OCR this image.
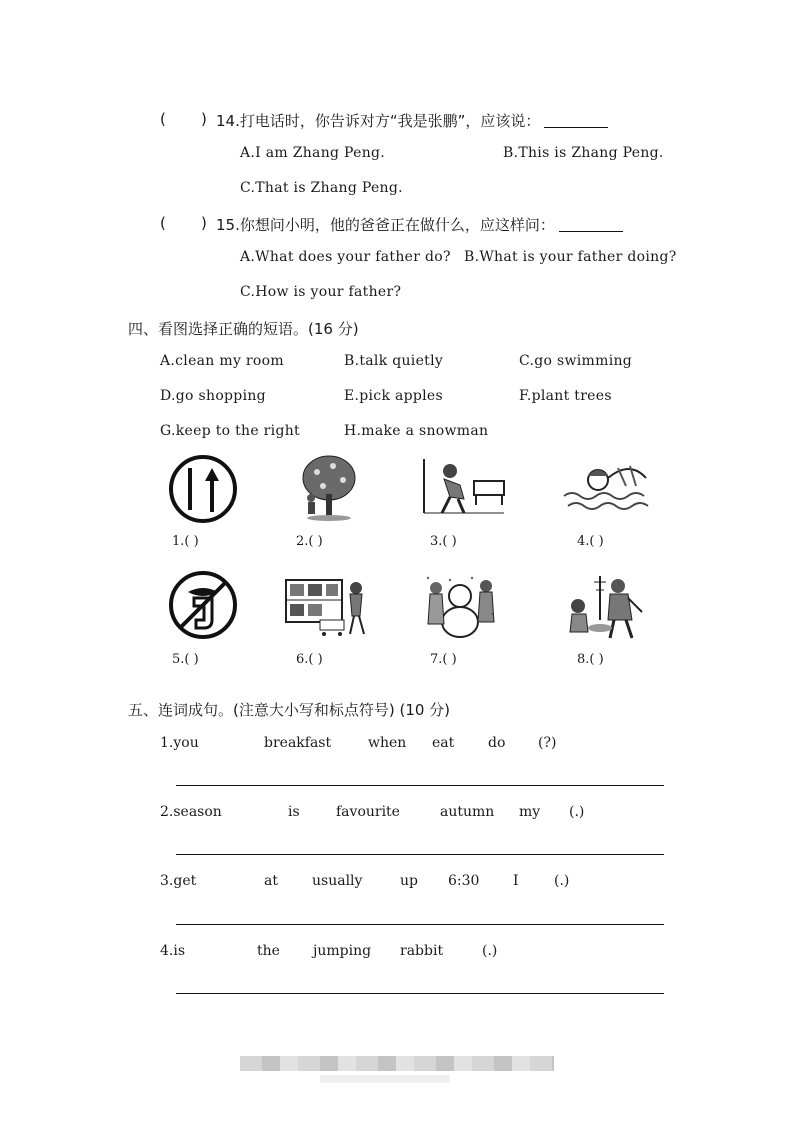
( ) 14.打电话时，你告诉对方“我是张鹏”，应该说：
A.I am Zhang Peng.	B.This is Zhang Peng.
C.That is Zhang Peng.
( ) 15.你想问小明，他的爸爸正在做什么，应这样问：
A.What does your father do? B.What is your father doing?
C.How is your father?
四、看图选择正确的短语。(16 分)
A.clean my room	B.talk quietly	C.go swimming
D.go shopping	E.pick apples	F.plant trees
G.keep to the right	H.make a snowman
1.( )	2.( )	3.( )	4.( )
5.( )	6.( )	7.( )	8.( )
五、连词成句。(注意大小写和标点符号) (10 分)
1.you	breakfast	when eat do (?)
2.season	is	favourite	autumn my (.)
3.get	at usually	up 6:30 I	(.)
4.is	the jumping rabbit	(.)
